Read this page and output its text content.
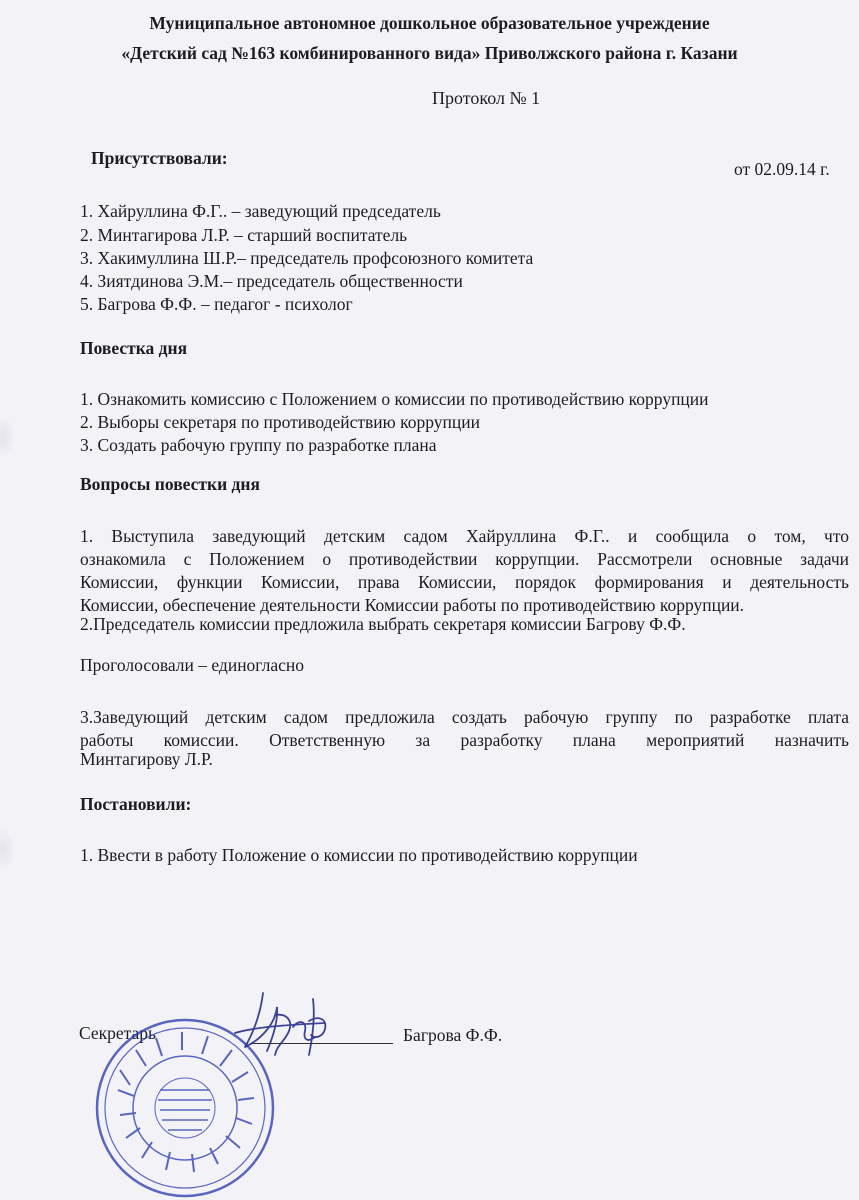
Муниципальное автономное дошкольное образовательное учреждение
«Детский сад №163 комбинированного вида» Приволжского района г. Казани
Протокол № 1
Присутствовали:
от 02.09.14 г.
1. Хайруллина Ф.Г.. – заведующий председатель
2. Минтагирова Л.Р. – старший воспитатель
3. Хакимуллина Ш.Р.– председатель профсоюзного комитета
4. Зиятдинова Э.М.– председатель общественности
5. Багрова Ф.Ф. – педагог - психолог
Повестка дня
1. Ознакомить комиссию с Положением о комиссии по противодействию коррупции
2. Выборы секретаря по противодействию коррупции
3. Создать рабочую группу по разработке плана
Вопросы повестки дня
1. Выступила заведующий детским садом Хайруллина Ф.Г.. и сообщила о том, что
ознакомила с Положением о противодействии коррупции. Рассмотрели основные задачи
Комиссии, функции Комиссии, права Комиссии, порядок формирования и деятельность
Комиссии, обеспечение деятельности Комиссии работы по противодействию коррупции.
2.Председатель комиссии предложила выбрать секретаря комиссии Багрову Ф.Ф.
Проголосовали – единогласно
3.Заведующий детским садом предложила создать рабочую группу по разработке плата
работы комиссии. Ответственную за разработку плана мероприятий назначить
Минтагирову Л.Р.
Постановили:
1. Ввести в работу Положение о комиссии по противодействию коррупции
Секретарь	Багрова Ф.Ф.
